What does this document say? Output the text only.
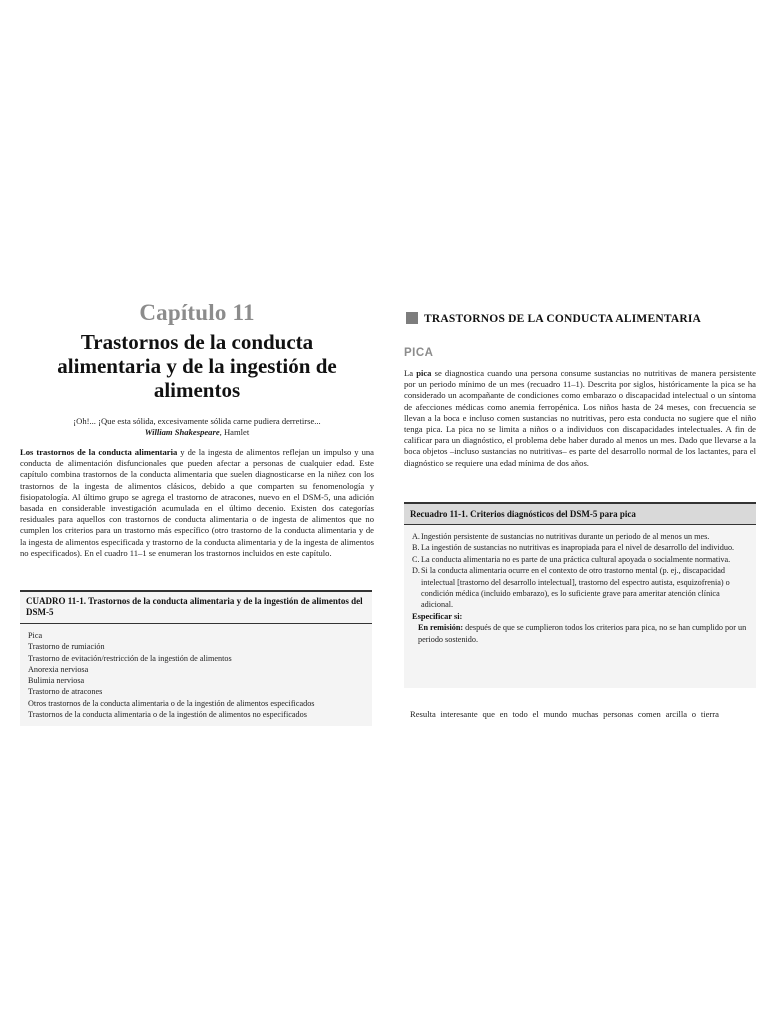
Capítulo 11
Trastornos de la conducta
alimentaria y de la ingestión de
alimentos
¡Oh!... ¡Que esta sólida, excesivamente sólida carne pudiera derretirse...
William Shakespeare, Hamlet
Los trastornos de la conducta alimentaria y de la ingesta de alimentos reflejan un impulso y una conducta de alimentación disfuncionales que pueden afectar a personas de cualquier edad. Este capítulo combina trastornos de la conducta alimentaria que suelen diagnosticarse en la niñez con los trastornos de la ingesta de alimentos clásicos, debido a que comparten su fenomenología y fisiopatología. Al último grupo se agrega el trastorno de atracones, nuevo en el DSM-5, una adición basada en considerable investigación acumulada en el último decenio. Existen dos categorías residuales para aquellos con trastornos de conducta alimentaria o de ingesta de alimentos que no cumplen los criterios para un trastorno más específico (otro trastorno de la conducta alimentaria y de la ingesta de alimentos especificada y trastorno de la conducta alimentaria y de la ingesta de alimentos no especificados). En el cuadro 11–1 se enumeran los trastornos incluidos en este capítulo.
CUADRO 11-1. Trastornos de la conducta alimentaria y de la ingestión de alimentos del DSM-5
Pica
Trastorno de rumiación
Trastorno de evitación/restricción de la ingestión de alimentos
Anorexia nerviosa
Bulimia nerviosa
Trastorno de atracones
Otros trastornos de la conducta alimentaria o de la ingestión de alimentos especificados
Trastornos de la conducta alimentaria o de la ingestión de alimentos no especificados
TRASTORNOS DE LA CONDUCTA ALIMENTARIA
PICA
La pica se diagnostica cuando una persona consume sustancias no nutritivas de manera persistente por un periodo mínimo de un mes (recuadro 11–1). Descrita por siglos, históricamente la pica se ha considerado un acompañante de condiciones como embarazo o discapacidad intelectual o un síntoma de afecciones médicas como anemia ferropénica. Los niños hasta de 24 meses, con frecuencia se llevan a la boca e incluso comen sustancias no nutritivas, pero esta conducta no sugiere que el niño tenga pica. La pica no se limita a niños o a individuos con discapacidades intelectuales. A fin de calificar para un diagnóstico, el problema debe haber durado al menos un mes. Dado que llevarse a la boca objetos –incluso sustancias no nutritivas– es parte del desarrollo normal de los lactantes, para el diagnóstico se requiere una edad mínima de dos años.
Recuadro 11-1. Criterios diagnósticos del DSM-5 para pica
A. Ingestión persistente de sustancias no nutritivas durante un periodo de al menos un mes.
B. La ingestión de sustancias no nutritivas es inapropiada para el nivel de desarrollo del individuo.
C. La conducta alimentaria no es parte de una práctica cultural apoyada o socialmente normativa.
D. Si la conducta alimentaria ocurre en el contexto de otro trastorno mental (p. ej., discapacidad intelectual [trastorno del desarrollo intelectual], trastorno del espectro autista, esquizofrenia) o condición médica (incluido embarazo), es lo suficiente grave para ameritar atención clínica adicional.
Especificar si:
En remisión: después de que se cumplieron todos los criterios para pica, no se han cumplido por un periodo sostenido.
Resulta interesante que en todo el mundo muchas personas comen arcilla o tierra
